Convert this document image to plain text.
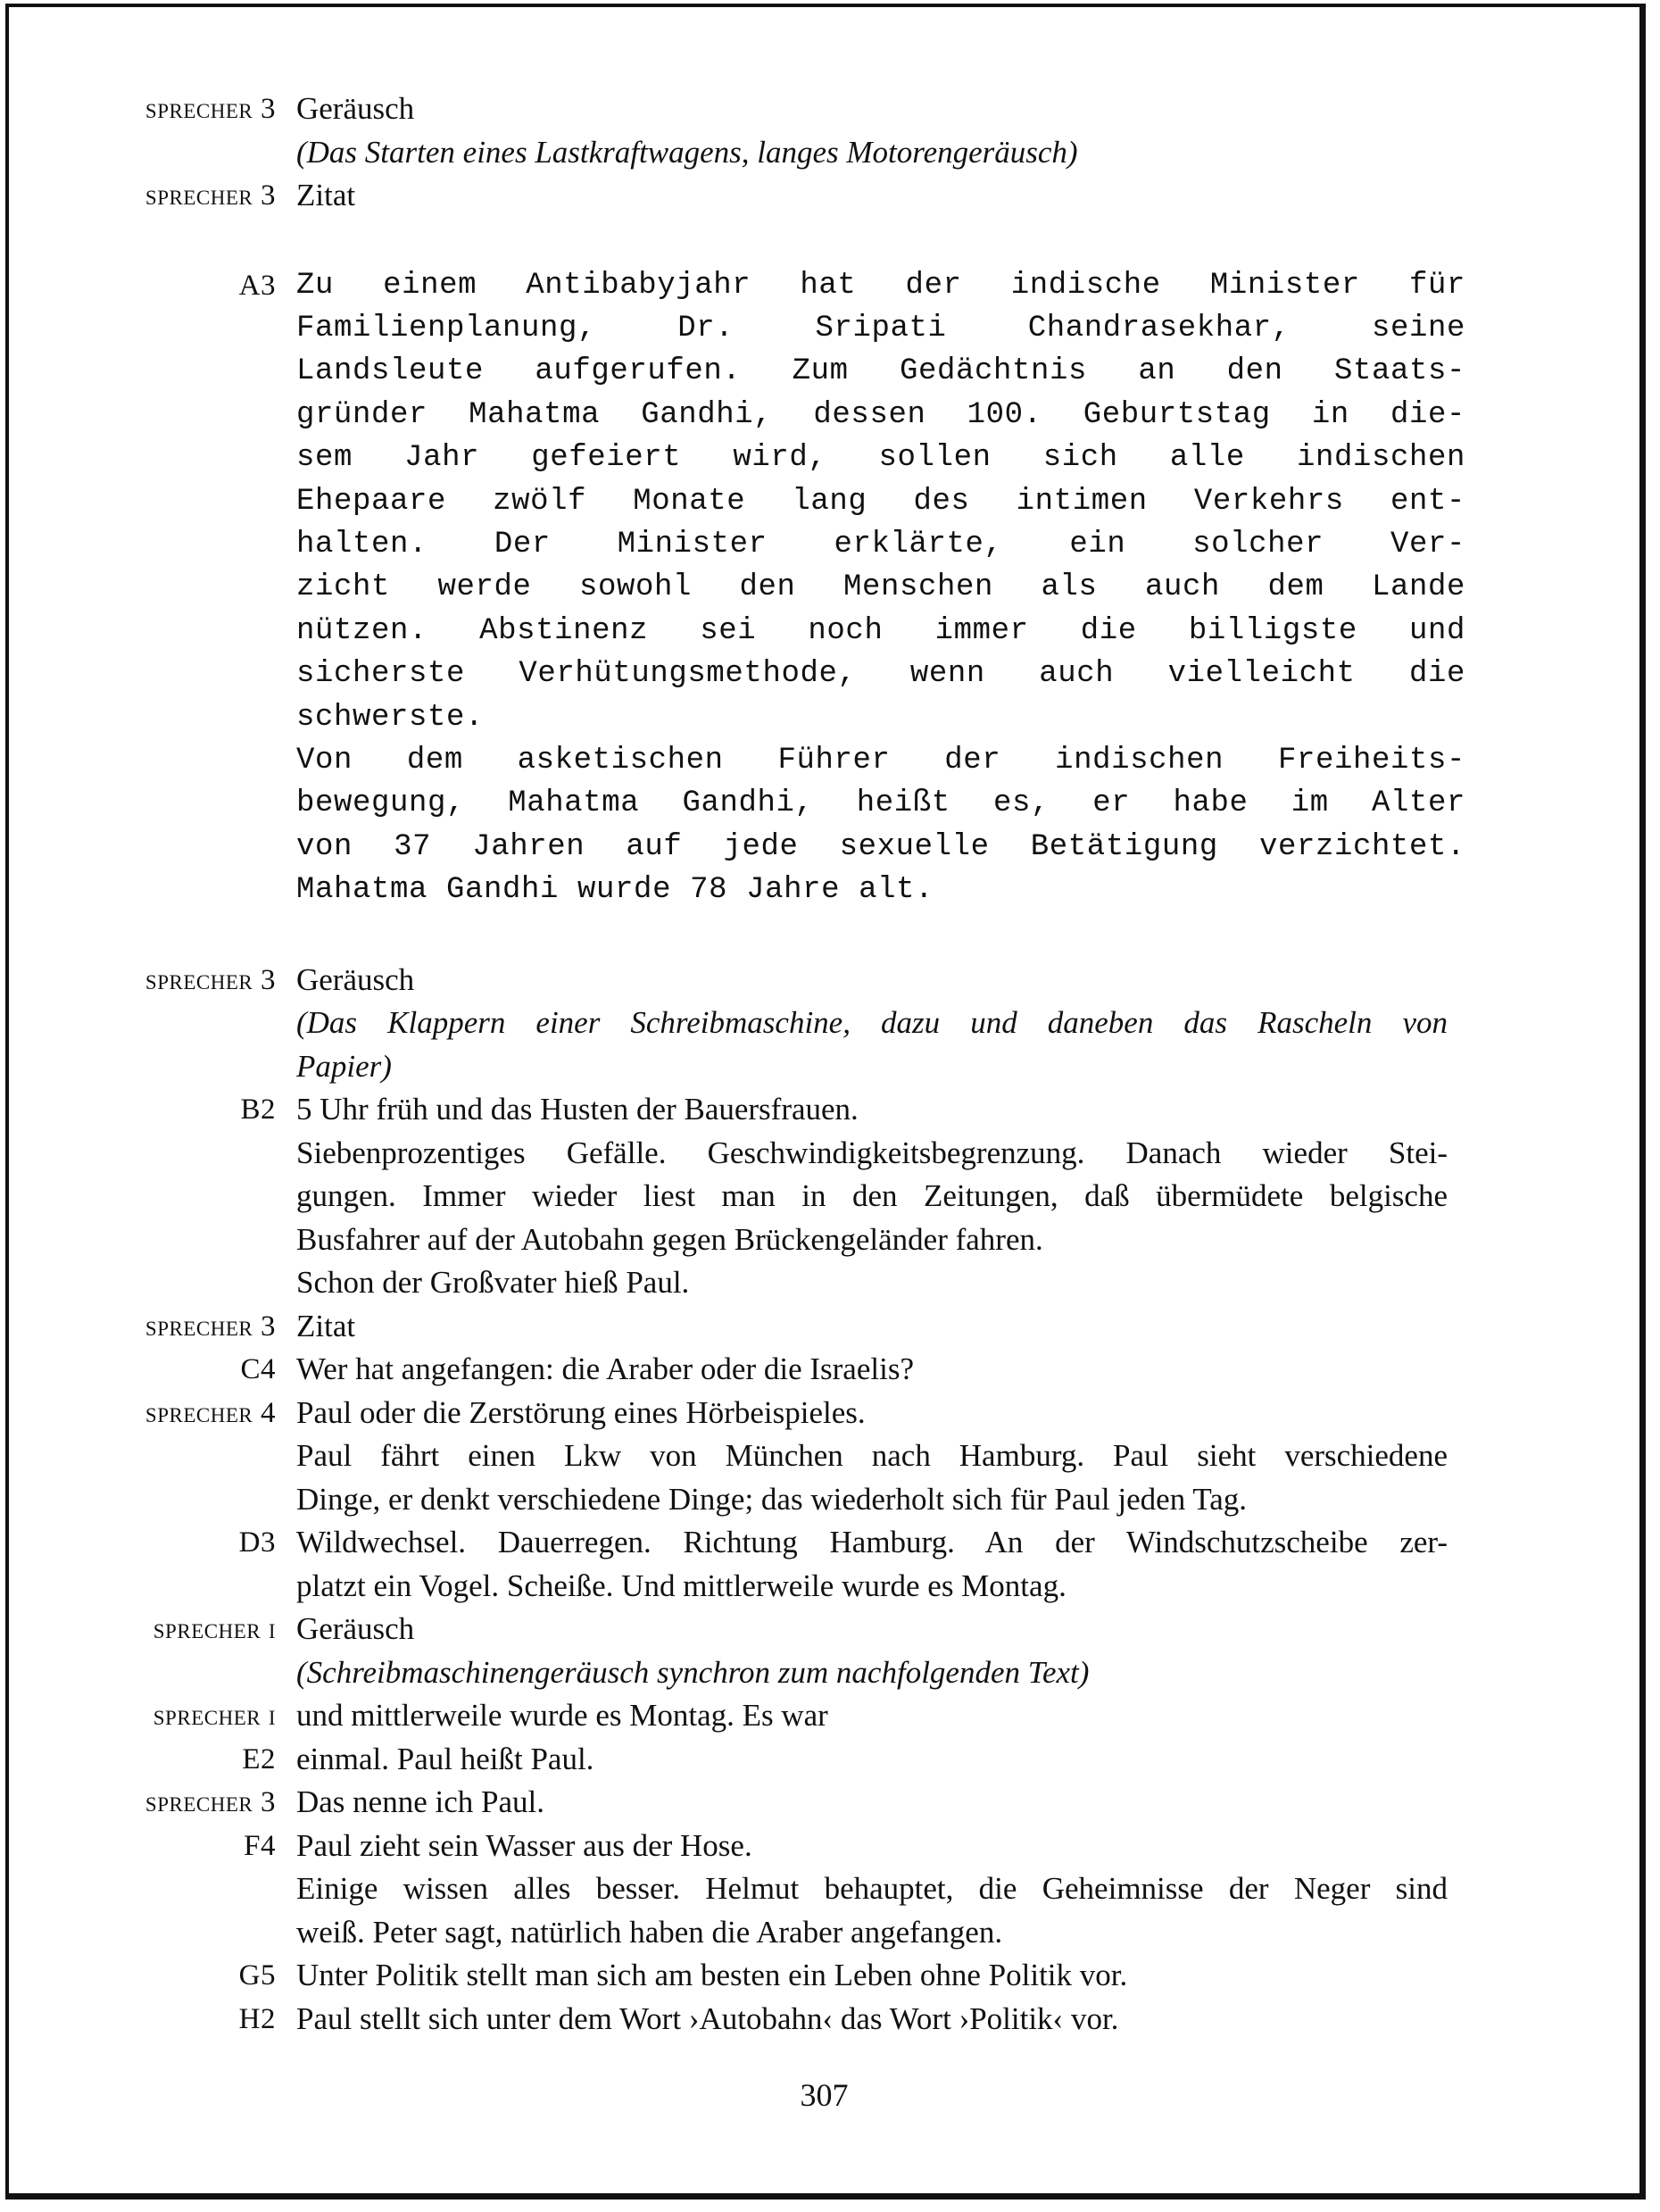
sprecher 3 Geräusch
(Das Starten eines Lastkraftwagens, langes Motorengeräusch)
sprecher 3 Zitat
A3 Zu einem Antibabyjahr hat der indische Minister für
Familienplanung, Dr. Sripati Chandrasekhar, seine
Landsleute aufgerufen. Zum Gedächtnis an den Staats-
gründer Mahatma Gandhi, dessen 100. Geburtstag in die-
sem Jahr gefeiert wird, sollen sich alle indischen
Ehepaare zwölf Monate lang des intimen Verkehrs ent-
halten. Der Minister erklärte, ein solcher Ver-
zicht werde sowohl den Menschen als auch dem Lande
nützen. Abstinenz sei noch immer die billigste und
sicherste Verhütungsmethode, wenn auch vielleicht die
schwerste.
Von dem asketischen Führer der indischen Freiheits-
bewegung, Mahatma Gandhi, heißt es, er habe im Alter
von 37 Jahren auf jede sexuelle Betätigung verzichtet.
Mahatma Gandhi wurde 78 Jahre alt.
sprecher 3 Geräusch
(Das Klappern einer Schreibmaschine, dazu und daneben das Rascheln von
Papier)
B2 5 Uhr früh und das Husten der Bauersfrauen.
Siebenprozentiges Gefälle. Geschwindigkeitsbegrenzung. Danach wieder Stei-
gungen. Immer wieder liest man in den Zeitungen, daß übermüdete belgische
Busfahrer auf der Autobahn gegen Brückengeländer fahren.
Schon der Großvater hieß Paul.
sprecher 3 Zitat
C4 Wer hat angefangen: die Araber oder die Israelis?
sprecher 4 Paul oder die Zerstörung eines Hörbeispieles.
Paul fährt einen Lkw von München nach Hamburg. Paul sieht verschiedene
Dinge, er denkt verschiedene Dinge; das wiederholt sich für Paul jeden Tag.
D3 Wildwechsel. Dauerregen. Richtung Hamburg. An der Windschutzscheibe zer-
platzt ein Vogel. Scheiße. Und mittlerweile wurde es Montag.
sprecher i Geräusch
(Schreibmaschinengeräusch synchron zum nachfolgenden Text)
sprecher i und mittlerweile wurde es Montag. Es war
E2 einmal. Paul heißt Paul.
sprecher 3 Das nenne ich Paul.
F4 Paul zieht sein Wasser aus der Hose.
Einige wissen alles besser. Helmut behauptet, die Geheimnisse der Neger sind
weiß. Peter sagt, natürlich haben die Araber angefangen.
G5 Unter Politik stellt man sich am besten ein Leben ohne Politik vor.
H2 Paul stellt sich unter dem Wort ›Autobahn‹ das Wort ›Politik‹ vor.
307
